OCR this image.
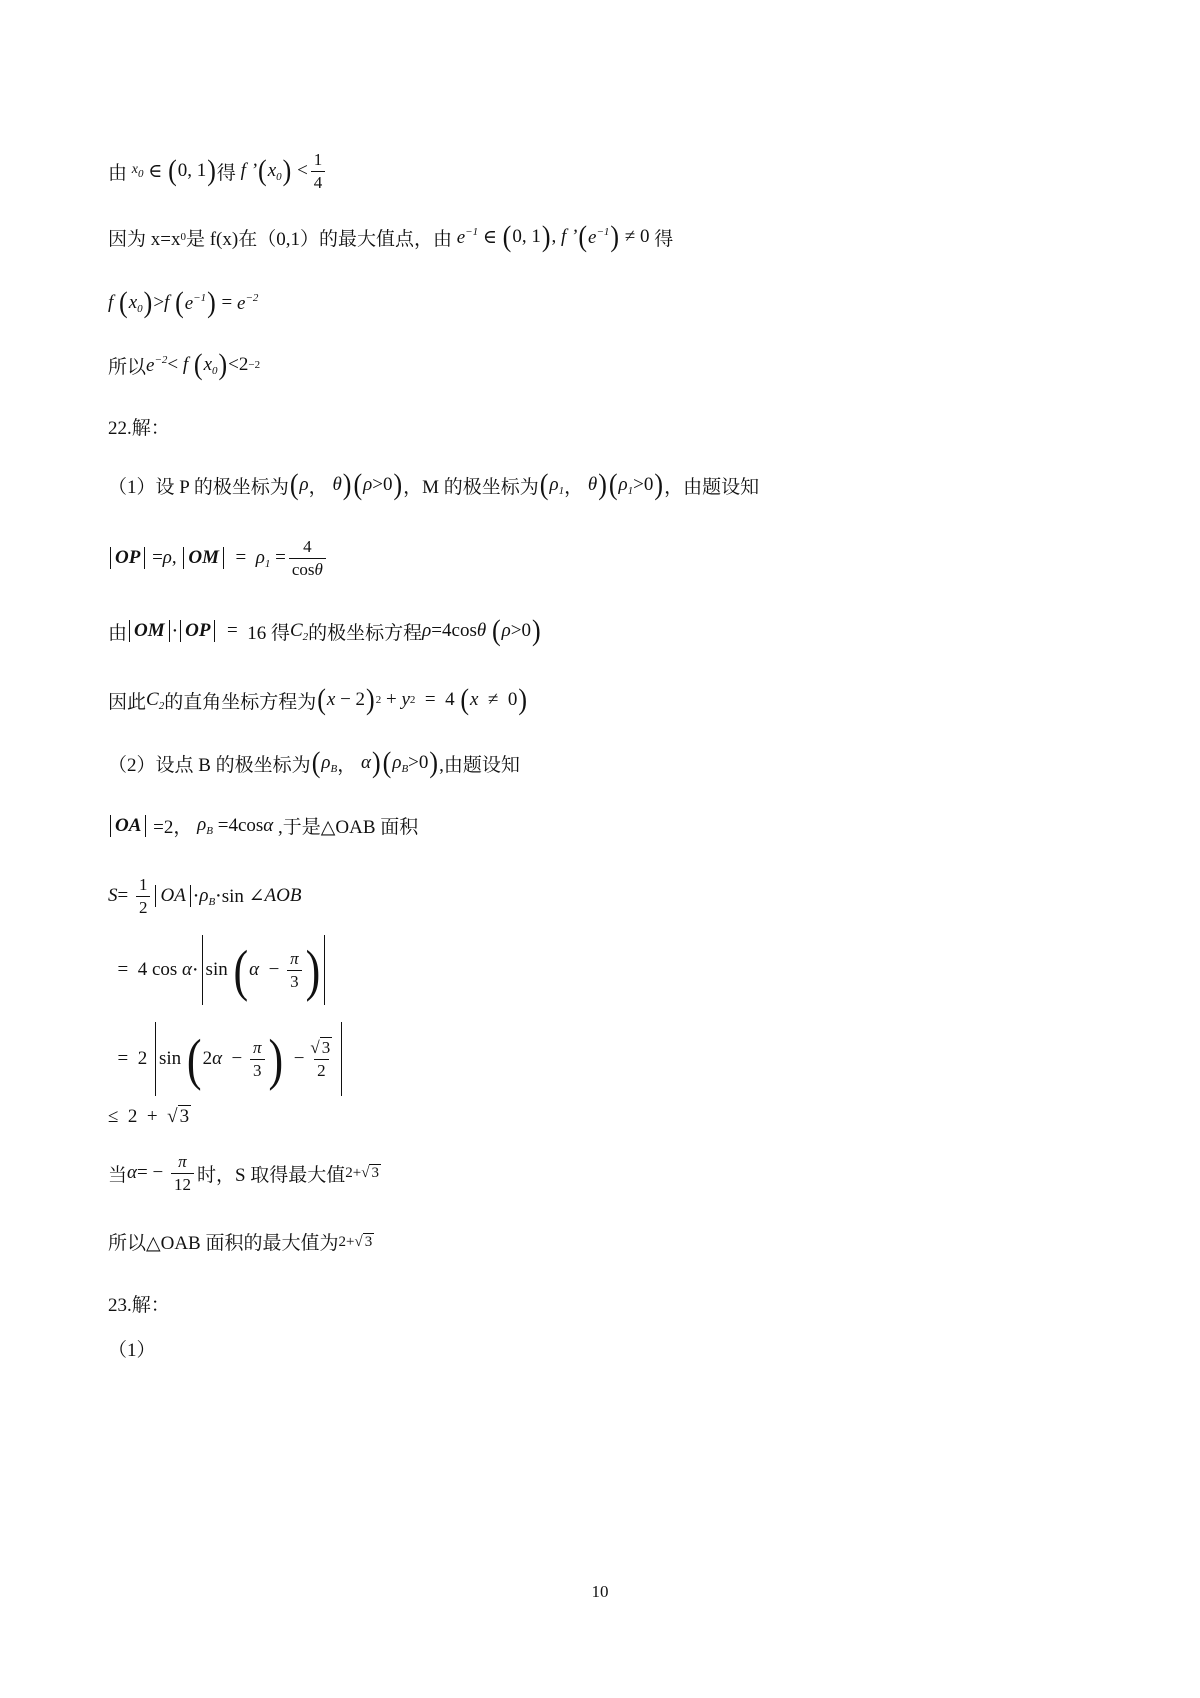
由
$x_0$ ∈ ( 0, 1 ) 得 f ’ ( $x_0$ ) < $\frac{1}{4}$
因为 x=x 0 是 f(x)在（0,1）的最大值点，由 $e^{-1}$ ∈ ( 0, 1 ) , f ’ ( $e^{-1}$ ) ≠ 0 得
f
( $x_0$ ) > f
( $e^{-1}$ ) = $e^{-2}$
所以 $e^{-2} < f$
( $x_0$ ) <2 −2
22.解：
（1）设 P 的极坐标为 ( ρ ， θ ) ( ρ >0 ) ，M 的极坐标为 ( $\rho_1$ ， θ ) ( $\rho_1 >0$ ) ，由题设知
OP = ρ , OM = $\rho_1 = \frac{4}{\cos\theta}$
由 OM ⋅ OP = 16 得 $C_2$ 的极坐标方程 ρ =4cos θ
( ρ >0 )
因此 $C_2$ 的直角坐标方程为 ( x − 2 ) 2 + y 2 =  4 ( x ≠  0 )
（2）设点 B 的极坐标为 ( $\rho_B$ ， α ) ( $\rho_B >0$ ) ,由题设知
OA =2， $\rho_B =4\cos$ α
,于是△OAB 面积
$S = \frac{1}{2}$ OA ⋅ $\rho_B \cdot \sin$ ∠ AOB
=  4 cos α ⋅ sin ( $\alpha - \frac{\pi}{3}$ )
=  2
sin ( 2 $\alpha - \frac{\pi}{3}$ ) − $\frac{√ 3}{2}$
≤  2  +  √ 3
当 α = − $\frac{\pi}{12}$ 时，S 取得最大值 2+√ 3
所以△OAB 面积的最大值为 2+√ 3
23.解：
（1）
10
